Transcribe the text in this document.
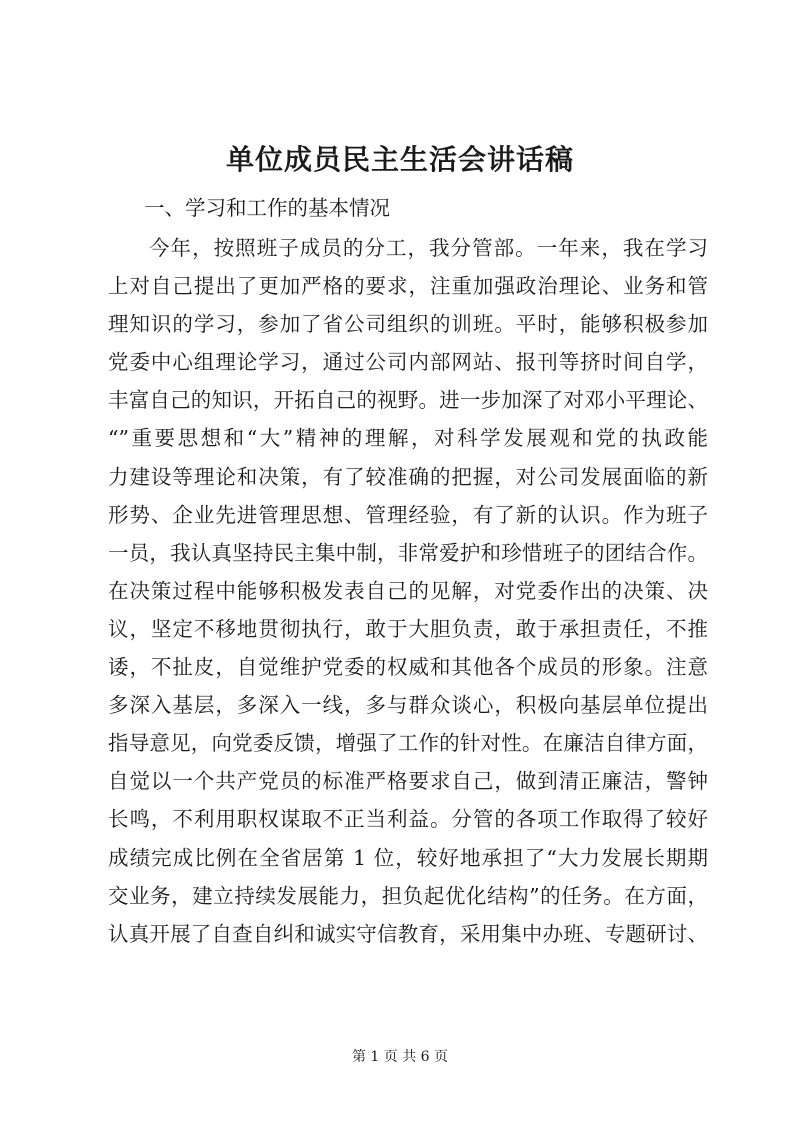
单位成员民主生活会讲话稿

一、学习和工作的基本情况

今年，按照班子成员的分工，我分管部。一年来，我在学习
上对自己提出了更加严格的要求，注重加强政治理论、业务和管
理知识的学习，参加了省公司组织的训班。平时，能够积极参加
党委中心组理论学习，通过公司内部网站、报刊等挤时间自学，
丰富自己的知识，开拓自己的视野。进一步加深了对邓小平理论、
“”重要思想和“大”精神的理解，对科学发展观和党的执政能
力建设等理论和决策，有了较准确的把握，对公司发展面临的新
形势、企业先进管理思想、管理经验，有了新的认识。作为班子
一员，我认真坚持民主集中制，非常爱护和珍惜班子的团结合作。
在决策过程中能够积极发表自己的见解，对党委作出的决策、决
议，坚定不移地贯彻执行，敢于大胆负责，敢于承担责任，不推
诿，不扯皮，自觉维护党委的权威和其他各个成员的形象。注意
多深入基层，多深入一线，多与群众谈心，积极向基层单位提出
指导意见，向党委反馈，增强了工作的针对性。在廉洁自律方面，
自觉以一个共产党员的标准严格要求自己，做到清正廉洁，警钟
长鸣，不利用职权谋取不正当利益。分管的各项工作取得了较好
成绩完成比例在全省居第 1 位，较好地承担了“大力发展长期期
交业务，建立持续发展能力，担负起优化结构”的任务。在方面，
认真开展了自查自纠和诚实守信教育，采用集中办班、专题研讨、

第 1 页 共 6 页
